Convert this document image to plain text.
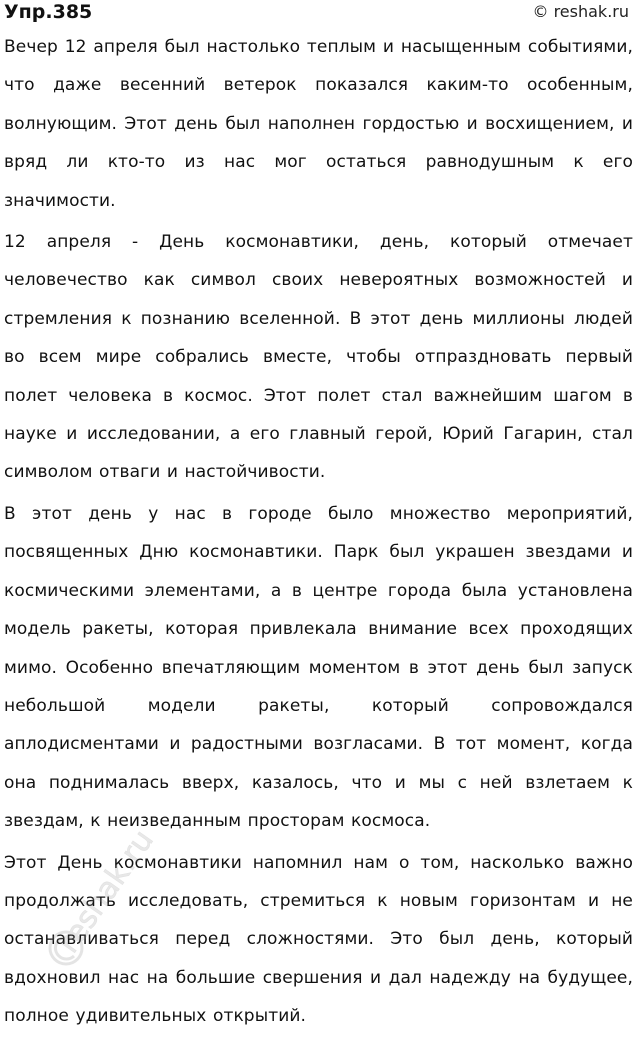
Упр.385	© reshak.ru

Вечер 12 апреля был настолько теплым и насыщенным событиями, что даже весенний ветерок показался каким-то особенным, волнующим. Этот день был наполнен гордостью и восхищением, и вряд ли кто-то из нас мог остаться равнодушным к его значимости.

12 апреля - День космонавтики, день, который отмечает человечество как символ своих невероятных возможностей и стремления к познанию вселенной. В этот день миллионы людей во всем мире собрались вместе, чтобы отпраздновать первый полет человека в космос. Этот полет стал важнейшим шагом в науке и исследовании, а его главный герой, Юрий Гагарин, стал символом отваги и настойчивости.

В этот день у нас в городе было множество мероприятий, посвященных Дню космонавтики. Парк был украшен звездами и космическими элементами, а в центре города была установлена модель ракеты, которая привлекала внимание всех проходящих мимо. Особенно впечатляющим моментом в этот день был запуск небольшой модели ракеты, который сопровождался аплодисментами и радостными возгласами. В тот момент, когда она поднималась вверх, казалось, что и мы с ней взлетаем к звездам, к неизведанным просторам космоса.

Этот День космонавтики напомнил нам о том, насколько важно продолжать исследовать, стремиться к новым горизонтам и не останавливаться перед сложностями. Это был день, который вдохновил нас на большие свершения и дал надежду на будущее, полное удивительных открытий.

reshak.ru
